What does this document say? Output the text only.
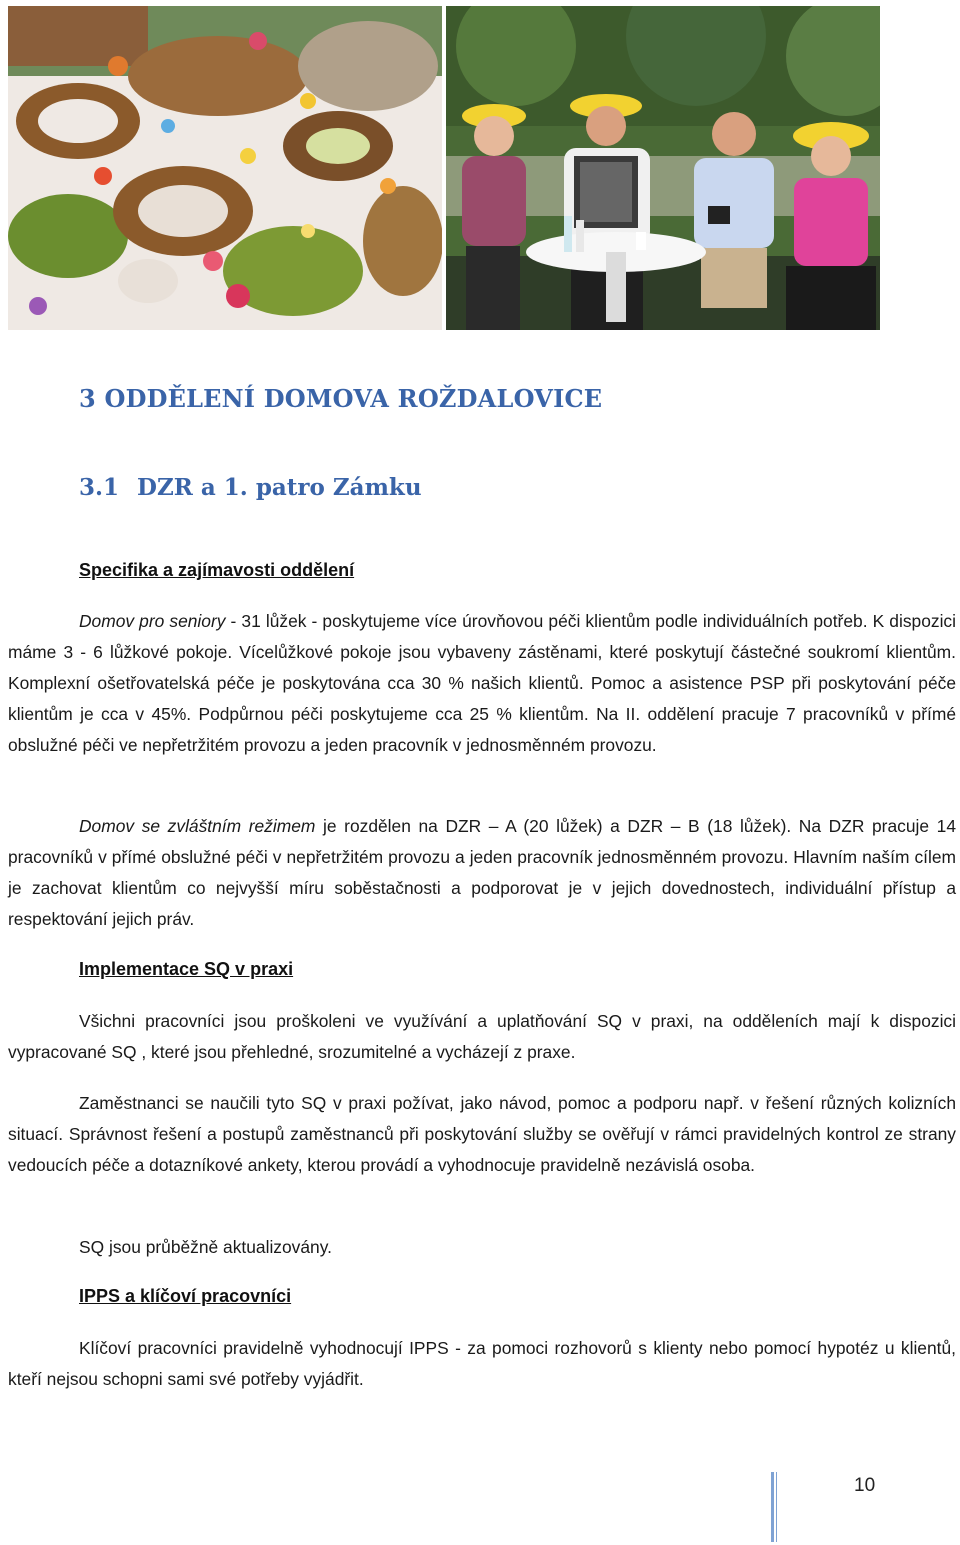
3 ODDĚLENÍ DOMOVA ROŽDALOVICE
3.1 DZR a 1. patro Zámku

Specifika a zajímavosti oddělení

Domov pro seniory - 31 lůžek - poskytujeme více úrovňovou péči klientům podle individuálních potřeb. K dispozici máme 3 - 6 lůžkové pokoje. Vícelůžkové pokoje jsou vybaveny zástěnami, které poskytují částečné soukromí klientům. Komplexní ošetřovatelská péče je poskytována cca 30 % našich klientů. Pomoc a asistence PSP při poskytování péče klientům je cca v 45%. Podpůrnou péči poskytujeme cca 25 % klientům. Na II. oddělení pracuje 7 pracovníků v přímé obslužné péči ve nepřetržitém provozu a jeden pracovník v jednosměnném provozu.

Domov se zvláštním režimem je rozdělen na DZR – A (20 lůžek) a DZR – B (18 lůžek). Na DZR pracuje 14 pracovníků v přímé obslužné péči v nepřetržitém provozu a jeden pracovník jednosměnném provozu. Hlavním naším cílem je zachovat klientům co nejvyšší míru soběstačnosti a podporovat je v jejich dovednostech, individuální přístup a respektování jejich práv.

Implementace SQ v praxi

Všichni pracovníci jsou proškoleni ve využívání a uplatňování SQ v praxi, na odděleních mají k dispozici vypracované SQ , které jsou přehledné, srozumitelné a vycházejí z praxe.

Zaměstnanci se naučili tyto SQ v praxi požívat, jako návod, pomoc a podporu např. v řešení různých kolizních situací. Správnost řešení a postupů zaměstnanců při poskytování služby se ověřují v rámci pravidelných kontrol ze strany vedoucích péče a dotazníkové ankety, kterou provádí a vyhodnocuje pravidelně nezávislá osoba.

SQ jsou průběžně aktualizovány.

IPPS a klíčoví pracovníci

Klíčoví pracovníci pravidelně vyhodnocují IPPS - za pomoci rozhovorů s klienty nebo pomocí hypotéz u klientů, kteří nejsou schopni sami své potřeby vyjádřit.

10
